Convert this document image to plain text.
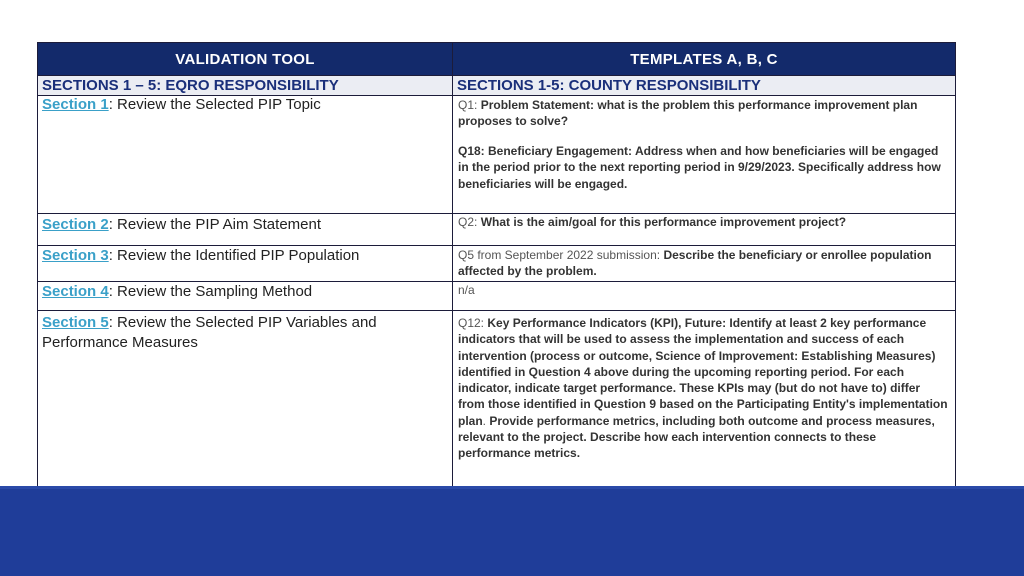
VALIDATION TOOL	TEMPLATES A, B, C
SECTIONS 1 – 5: EQRO RESPONSIBILITY	SECTIONS 1-5: COUNTY RESPONSIBILITY
Section 1: Review the Selected PIP Topic
Section 2: Review the PIP Aim Statement
Section 3: Review the Identified PIP Population
Section 4: Review the Sampling Method
Section 5: Review the Selected PIP Variables and Performance Measures
Q1: Problem Statement: what is the problem this performance improvement plan proposes to solve?
Q18: Beneficiary Engagement: Address when and how beneficiaries will be engaged in the period prior to the next reporting period in 9/29/2023. Specifically address how beneficiaries will be engaged.
Q2: What is the aim/goal for this performance improvement project?
Q5 from September 2022 submission: Describe the beneficiary or enrollee population affected by the problem.
n/a
Q12: Key Performance Indicators (KPI), Future: Identify at least 2 key performance indicators that will be used to assess the implementation and success of each intervention (process or outcome, Science of Improvement: Establishing Measures) identified in Question 4 above during the upcoming reporting period. For each indicator, indicate target performance. These KPIs may (but do not have to) differ from those identified in Question 9 based on the Participating Entity's implementation plan. Provide performance metrics, including both outcome and process measures, relevant to the project. Describe how each intervention connects to these performance metrics.
